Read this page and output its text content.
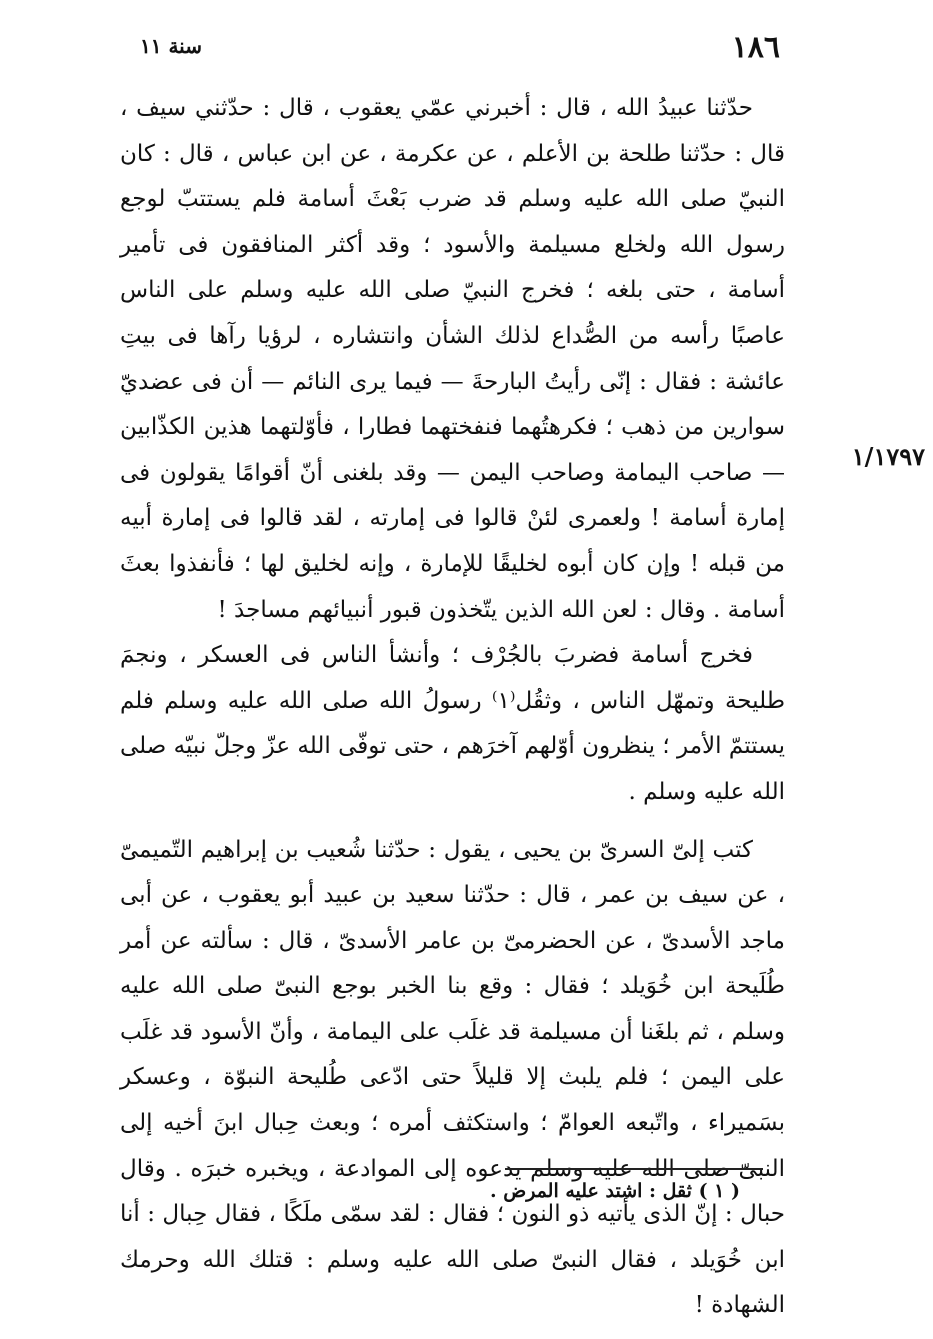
١٨٦
سنة ١١
١/١٧٩٧

حدّثنا عبيدُ الله ، قال : أخبرني عمّي يعقوب ، قال : حدّثني سيف ، قال : حدّثنا طلحة بن الأعلم ، عن عكرمة ، عن ابن عباس ، قال : كان النبيّ صلى الله عليه وسلم قد ضرب بَعْثَ أسامة فلم يستتبّ لوجع رسول الله ولخلع مسيلمة والأسود ؛ وقد أكثر المنافقون فى تأمير أسامة ، حتى بلغه ؛ فخرج النبيّ صلى الله عليه وسلم على الناس عاصبًا رأسه من الصُّداع لذلك الشأن وانتشاره ، لرؤيا رآها فى بيتِ عائشة : فقال : إنّى رأيتُ البارحةَ — فيما يرى النائم — أن فى عضديّ سوارين من ذهب ؛ فكرهتُهما فنفختهما فطارا ، فأوّلتهما هذين الكذّابين — صاحب اليمامة وصاحب اليمن — وقد بلغنى أنّ أقوامًا يقولون فى إمارة أسامة ! ولعمرى لئنْ قالوا فى إمارته ، لقد قالوا فى إمارة أبيه من قبله ! وإن كان أبوه لخليقًا للإمارة ، وإنه لخليق لها ؛ فأنفذوا بعثَ أسامة . وقال : لعن الله الذين يتّخذون قبور أنبيائهم مساجدَ !

فخرج أسامة فضربَ بالجُرْف ؛ وأنشأ الناس فى العسكر ، ونجمَ طليحة وتمهّل الناس ، وثقُل⁽١⁾ رسولُ الله صلى الله عليه وسلم فلم يستتمّ الأمر ؛ ينظرون أوّلهم آخرَهم ، حتى توفّى الله عزّ وجلّ نبيّه صلى الله عليه وسلم .

كتب إلىّ السرىّ بن يحيى ، يقول : حدّثنا شُعيب بن إبراهيم التّميمىّ ، عن سيف بن عمر ، قال : حدّثنا سعيد بن عبيد أبو يعقوب ، عن أبى ماجد الأسدىّ ، عن الحضرمىّ بن عامر الأسدىّ ، قال : سألته عن أمر طُلَيحة ابن خُوَيلد ؛ فقال : وقع بنا الخبر بوجع النبىّ صلى الله عليه وسلم ، ثم بلغَنا أن مسيلمة قد غلَب على اليمامة ، وأنّ الأسود قد غلَب على اليمن ؛ فلم يلبث إلا قليلاً حتى ادّعى طُليحة النبوّة ، وعسكر بسَميراء ، واتّبعه العوامّ ؛ واستكثف أمره ؛ وبعث حِبال ابنَ أخيه إلى النبىّ صلى الله عليه وسلم يدعوه إلى الموادعة ، ويخبره خبرَه . وقال حبال : إنّ الذى يأتيه ذو النون ؛ فقال : لقد سمّى ملَكًا ، فقال حِبال : أنا ابن خُوَيلد ، فقال النبىّ صلى الله عليه وسلم : قتلك الله وحرمك الشهادة !

( ١ ) ثقل : اشتد عليه المرض .
